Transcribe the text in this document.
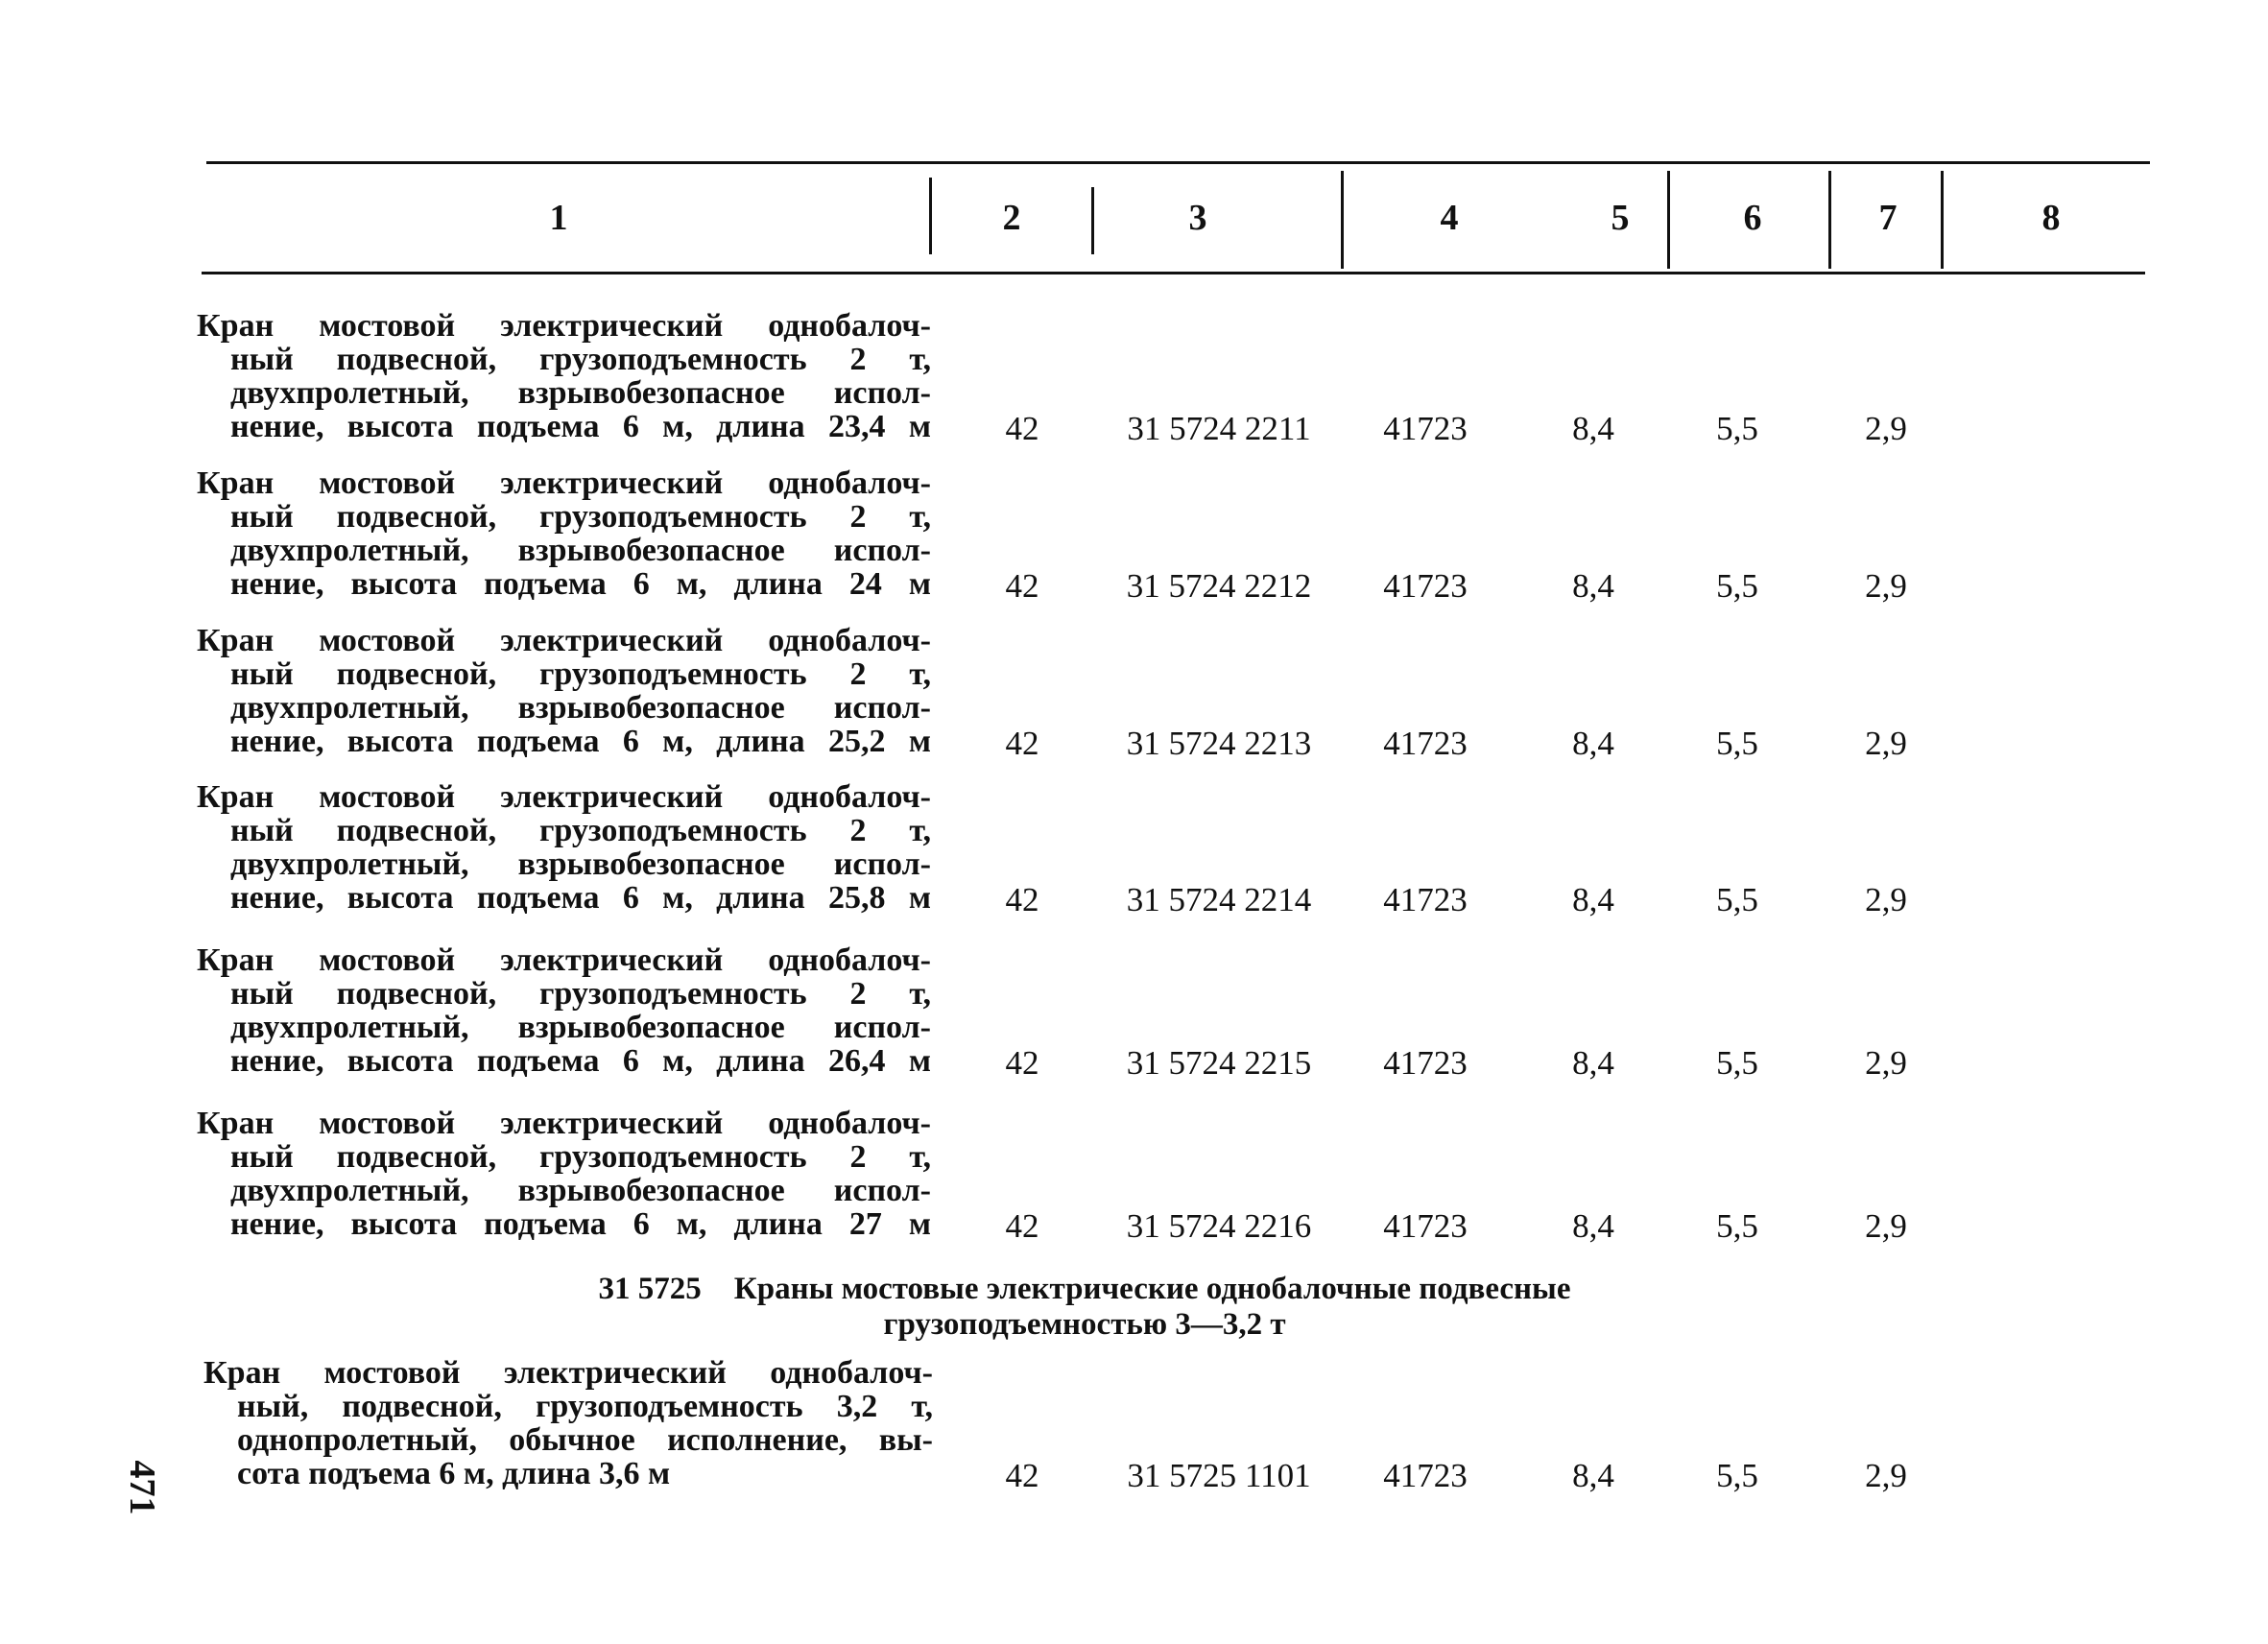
1	2	3	4	5	6	7	8
Кран мостовой электрический однобалоч-
ный подвесной, грузоподъемность 2 т,
двухпролетный, взрывобезопасное испол-
нение, высота подъема 6 м, длина 23,4 м	42	31 5724 2211	41723	8,4	5,5	2,9
Кран мостовой электрический однобалоч-
ный подвесной, грузоподъемность 2 т,
двухпролетный, взрывобезопасное испол-
нение, высота подъема 6 м, длина 24 м	42	31 5724 2212	41723	8,4	5,5	2,9
Кран мостовой электрический однобалоч-
ный подвесной, грузоподъемность 2 т,
двухпролетный, взрывобезопасное испол-
нение, высота подъема 6 м, длина 25,2 м	42	31 5724 2213	41723	8,4	5,5	2,9
Кран мостовой электрический однобалоч-
ный подвесной, грузоподъемность 2 т,
двухпролетный, взрывобезопасное испол-
нение, высота подъема 6 м, длина 25,8 м	42	31 5724 2214	41723	8,4	5,5	2,9
Кран мостовой электрический однобалоч-
ный подвесной, грузоподъемность 2 т,
двухпролетный, взрывобезопасное испол-
нение, высота подъема 6 м, длина 26,4 м	42	31 5724 2215	41723	8,4	5,5	2,9
Кран мостовой электрический однобалоч-
ный подвесной, грузоподъемность 2 т,
двухпролетный, взрывобезопасное испол-
нение, высота подъема 6 м, длина 27 м	42	31 5724 2216	41723	8,4	5,5	2,9
31 5725 Краны мостовые электрические однобалочные подвесные
грузоподъемностью 3—3,2 т
Кран мостовой электрический однобалоч-
ный, подвесной, грузоподъемность 3,2 т,
однопролетный, обычное исполнение, вы-
сота подъема 6 м, длина 3,6 м	42	31 5725 1101	41723	8,4	5,5	2,9
471
